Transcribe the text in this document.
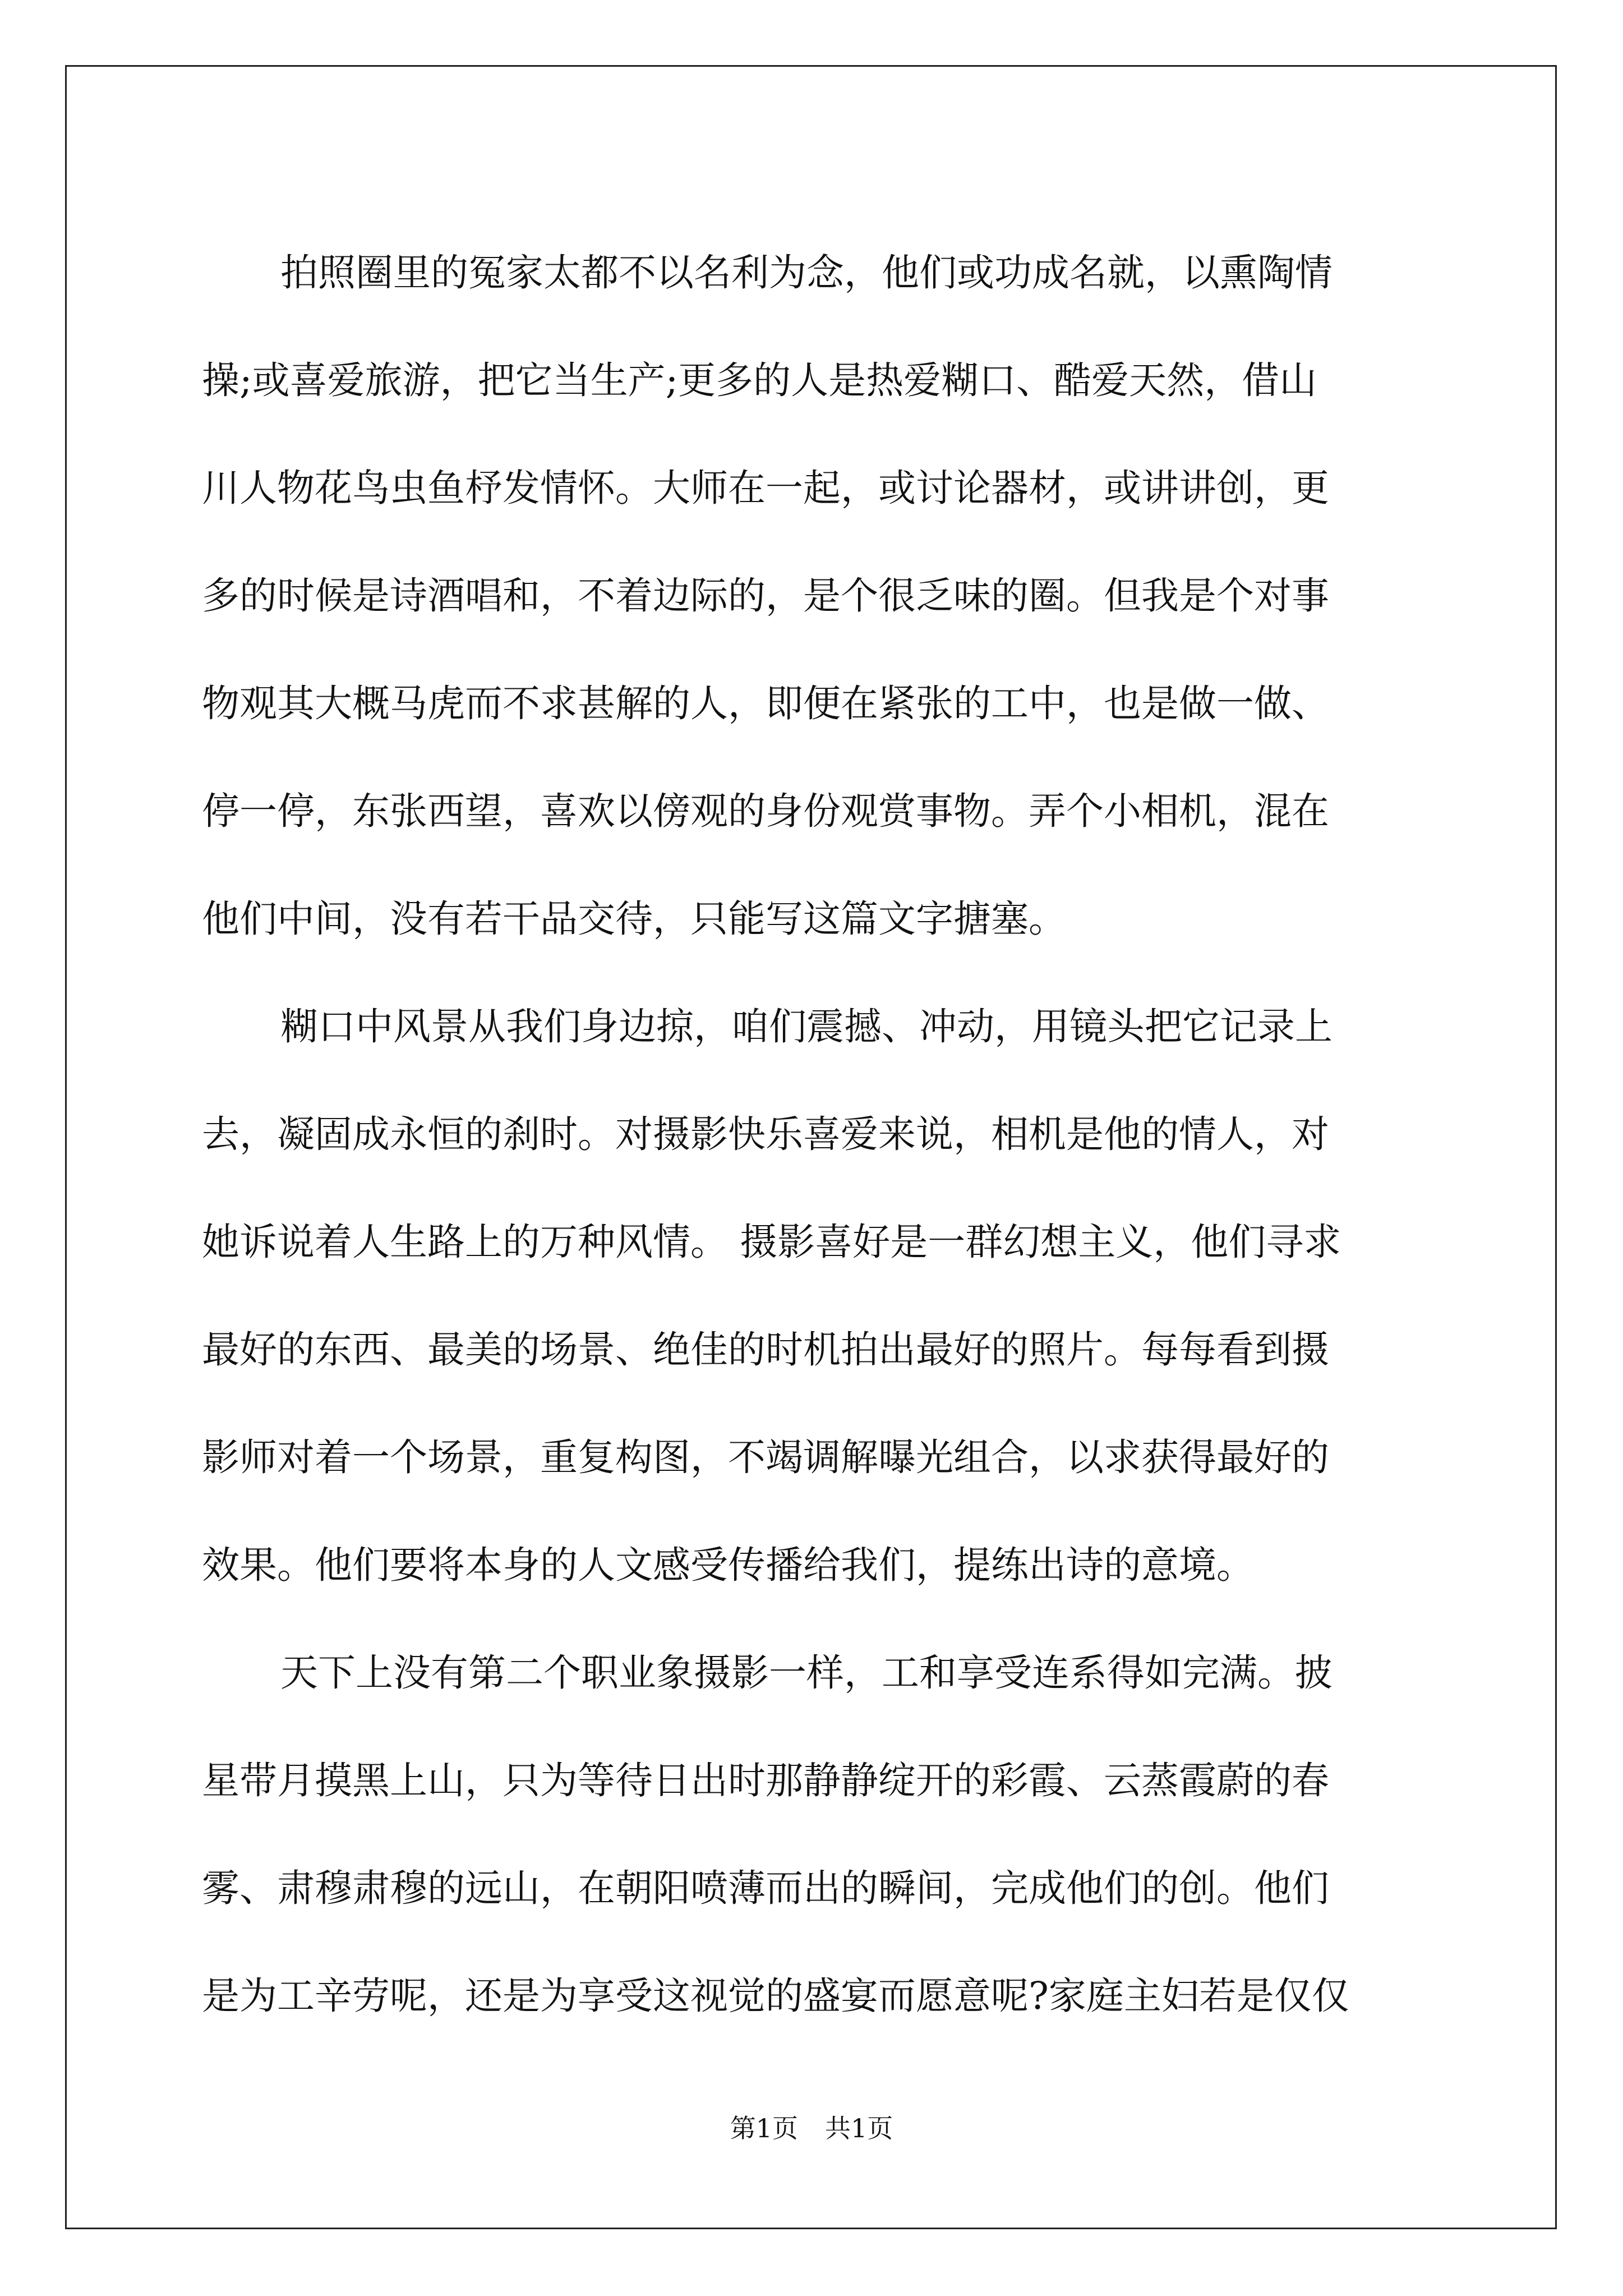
拍照圈里的冤家太都不以名利为念，他们或功成名就，以熏陶情
操;或喜爱旅游，把它当生产;更多的人是热爱糊口、酷爱天然，借山
川人物花鸟虫鱼杼发情怀。大师在一起，或讨论器材，或讲讲创，更
多的时候是诗酒唱和，不着边际的，是个很乏味的圈。但我是个对事
物观其大概马虎而不求甚解的人，即便在紧张的工中，也是做一做、
停一停，东张西望，喜欢以傍观的身份观赏事物。弄个小相机，混在
他们中间，没有若干品交待，只能写这篇文字搪塞。
糊口中风景从我们身边掠，咱们震撼、冲动，用镜头把它记录上
去，凝固成永恒的刹时。对摄影快乐喜爱来说，相机是他的情人，对
她诉说着人生路上的万种风情。 摄影喜好是一群幻想主义，他们寻求
最好的东西、最美的场景、绝佳的时机拍出最好的照片。每每看到摄
影师对着一个场景，重复构图，不竭调解曝光组合，以求获得最好的
效果。他们要将本身的人文感受传播给我们，提练出诗的意境。
天下上没有第二个职业象摄影一样，工和享受连系得如完满。披
星带月摸黑上山，只为等待日出时那静静绽开的彩霞、云蒸霞蔚的春
雾、肃穆肃穆的远山，在朝阳喷薄而出的瞬间，完成他们的创。他们
是为工辛劳呢，还是为享受这视觉的盛宴而愿意呢?家庭主妇若是仅仅
第1页 共1页
